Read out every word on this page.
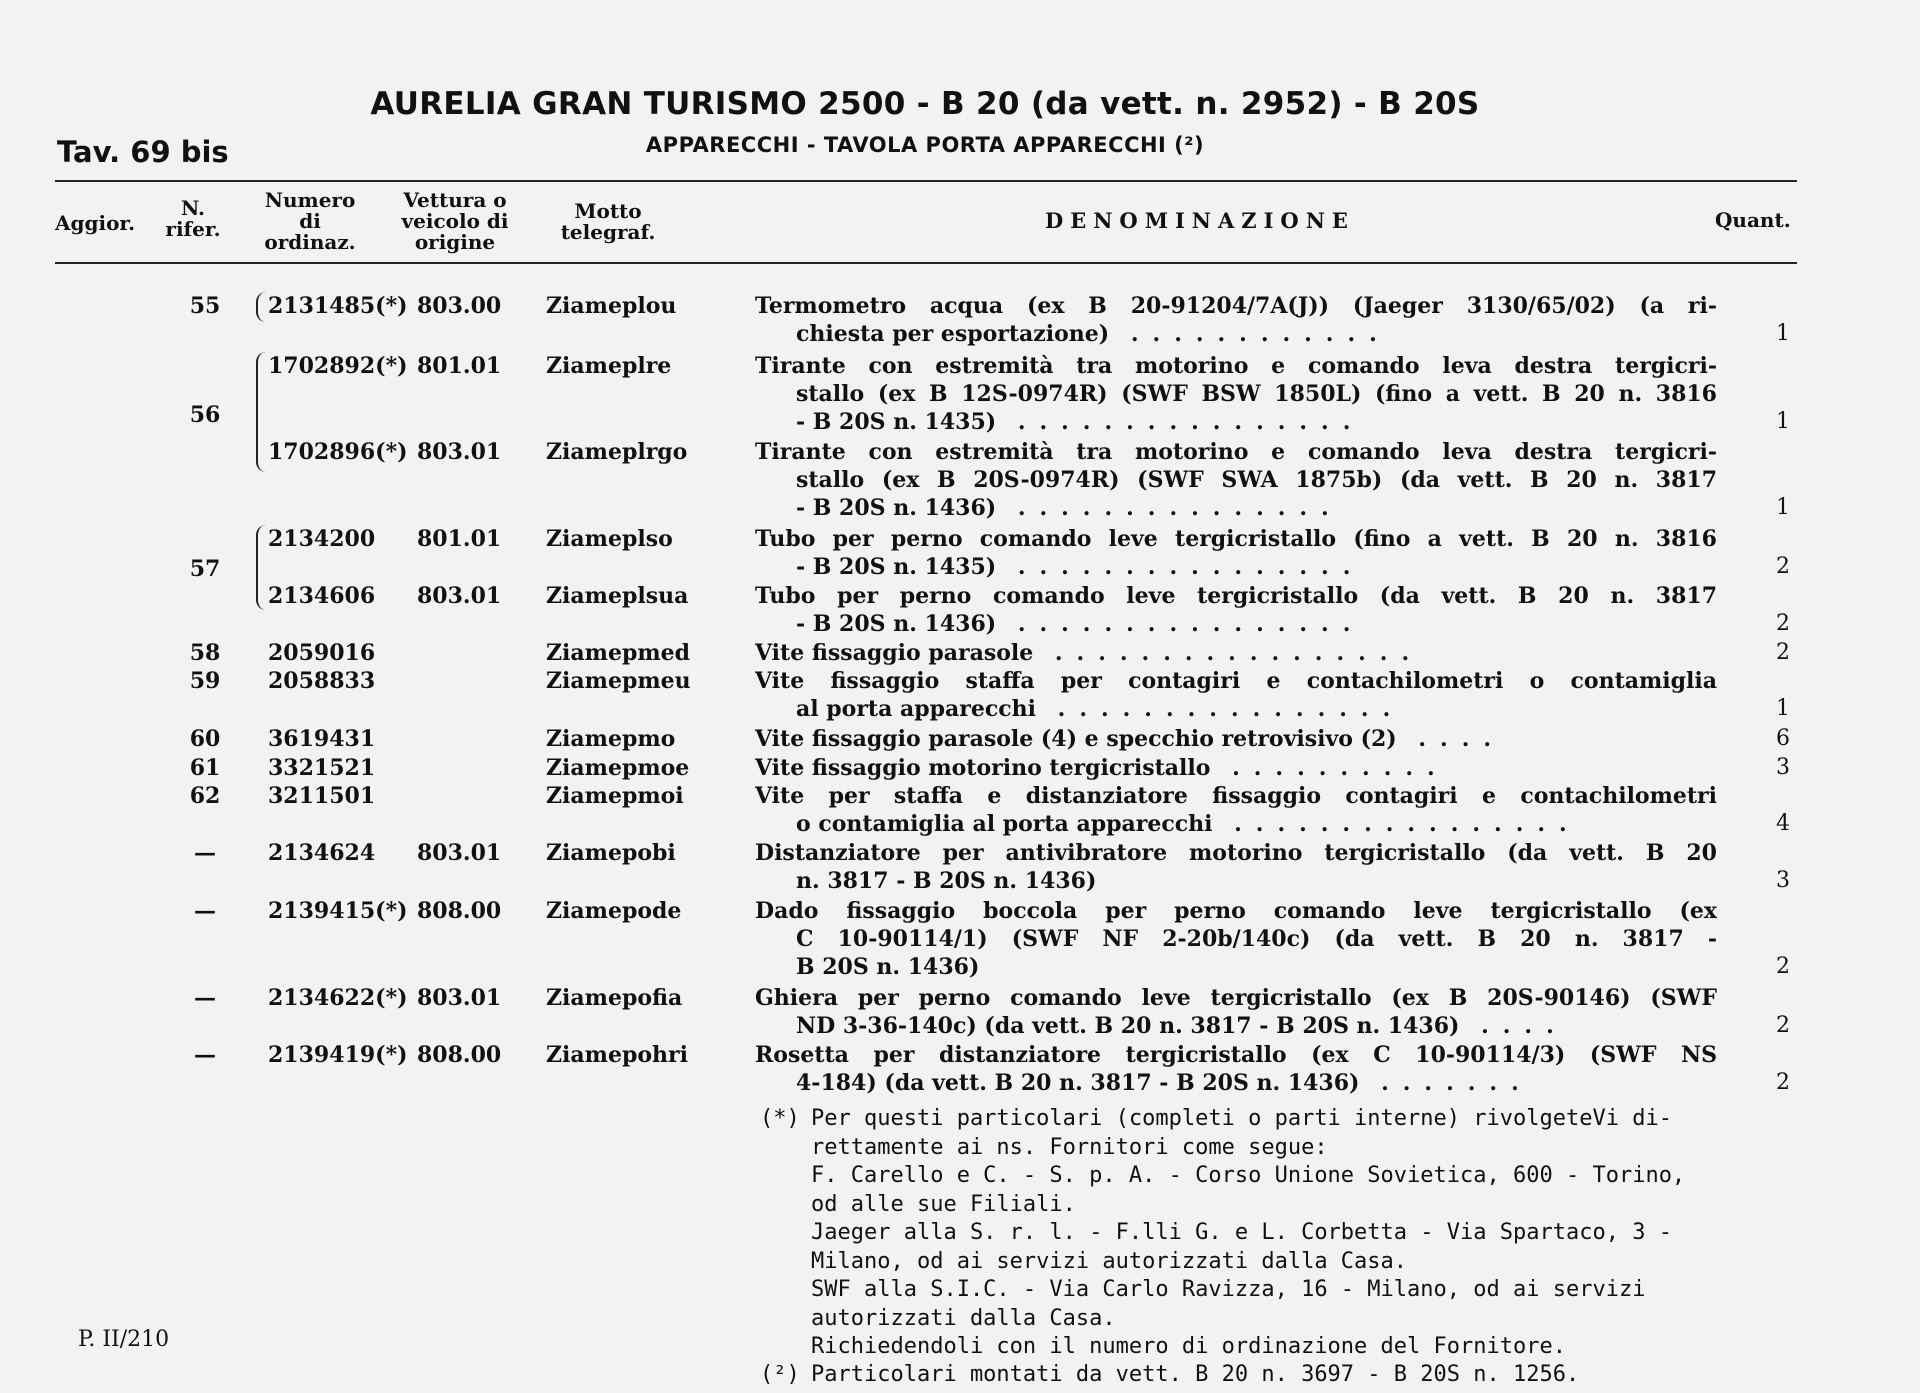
AURELIA GRAN TURISMO 2500 - B 20 (da vett. n. 2952) - B 20S
Tav. 69 bis	APPARECCHI - TAVOLA PORTA APPARECCHI (²)
Aggior.
N. rifer.
Numero di ordinaz.
Vettura o veicolo di origine
Motto telegraf.	DENOMINAZIONE	Quant.
55 2131485(*) 803.00 Ziameplou	Termometro acqua (ex B 20-91204/7A(J)) (Jaeger 3130/65/02) (a ri-
chiesta per esportazione) ............	1
56
1702892(*) 801.01 Ziameplre	Tirante con estremità tra motorino e comando leva destra tergicri-
stallo (ex B 12S-0974R) (SWF BSW 1850L) (fino a vett. B 20 n. 3816
- B 20S n. 1435) ................	1
1702896(*) 803.01 Ziameplrgo	Tirante con estremità tra motorino e comando leva destra tergicri-
stallo (ex B 20S-0974R) (SWF SWA 1875b) (da vett. B 20 n. 3817
- B 20S n. 1436) ...............	1
57
2134200 801.01 Ziameplso	Tubo per perno comando leve tergicristallo (fino a vett. B 20 n. 3816
- B 20S n. 1435) ................	2
2134606 803.01 Ziameplsua	Tubo per perno comando leve tergicristallo (da vett. B 20 n. 3817
- B 20S n. 1436) ................	2
58 2059016	Ziamepmed	Vite fissaggio parasole .................	2
59 2058833	Ziamepmeu	Vite fissaggio staffa per contagiri e contachilometri o contamiglia
al porta apparecchi ................	1
60 3619431	Ziamepmo	Vite fissaggio parasole (4) e specchio retrovisivo (2) ....	6
61 3321521	Ziamepmoe	Vite fissaggio motorino tergicristallo ..........	3
62 3211501	Ziamepmoi	Vite per staffa e distanziatore fissaggio contagiri e contachilometri
o contamiglia al porta apparecchi ................	4
—	2134624 803.01 Ziamepobi	Distanziatore per antivibratore motorino tergicristallo (da vett. B 20
n. 3817 - B 20S n. 1436)	3
—	2139415(*) 808.00 Ziamepode	Dado fissaggio boccola per perno comando leve tergicristallo (ex
C 10-90114/1) (SWF NF 2-20b/140c) (da vett. B 20 n. 3817 -
B 20S n. 1436)	2
—	2134622(*) 803.01 Ziamepofia	Ghiera per perno comando leve tergicristallo (ex B 20S-90146) (SWF
ND 3-36-140c) (da vett. B 20 n. 3817 - B 20S n. 1436) ....	2
—	2139419(*) 808.00 Ziamepohri	Rosetta per distanziatore tergicristallo (ex C 10-90114/3) (SWF NS
4-184) (da vett. B 20 n. 3817 - B 20S n. 1436) .......	2
(*) Per questi particolari (completi o parti interne) rivolgeteVi di-
rettamente ai ns. Fornitori come segue:
F. Carello e C. - S. p. A. - Corso Unione Sovietica, 600 - Torino,
od alle sue Filiali.
Jaeger alla S. r. l. - F.lli G. e L. Corbetta - Via Spartaco, 3 -
Milano, od ai servizi autorizzati dalla Casa.
SWF alla S.I.C. - Via Carlo Ravizza, 16 - Milano, od ai servizi
autorizzati dalla Casa.
Richiedendoli con il numero di ordinazione del Fornitore.
(²) Particolari montati da vett. B 20 n. 3697 - B 20S n. 1256.
P. II/210
